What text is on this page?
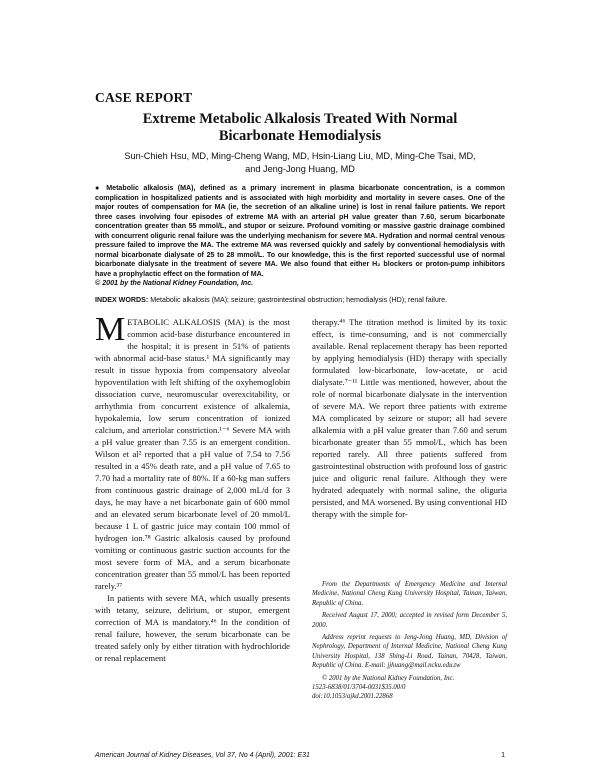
CASE REPORT
Extreme Metabolic Alkalosis Treated With Normal
Bicarbonate Hemodialysis
Sun-Chieh Hsu, MD, Ming-Cheng Wang, MD, Hsin-Liang Liu, MD, Ming-Che Tsai, MD,
and Jeng-Jong Huang, MD
● Metabolic alkalosis (MA), defined as a primary increment in plasma bicarbonate concentration, is a common complication in hospitalized patients and is associated with high morbidity and mortality in severe cases. One of the major routes of compensation for MA (ie, the secretion of an alkaline urine) is lost in renal failure patients. We report three cases involving four episodes of extreme MA with an arterial pH value greater than 7.60, serum bicarbonate concentration greater than 55 mmol/L, and stupor or seizure. Profound vomiting or massive gastric drainage combined with concurrent oliguric renal failure was the underlying mechanism for severe MA. Hydration and normal central venous pressure failed to improve the MA. The extreme MA was reversed quickly and safely by conventional hemodialysis with normal bicarbonate dialysate of 25 to 28 mmol/L. To our knowledge, this is the first reported successful use of normal bicarbonate dialysate in the treatment of severe MA. We also found that either H₂ blockers or proton-pump inhibitors have a prophylactic effect on the formation of MA.
© 2001 by the National Kidney Foundation, Inc.
INDEX WORDS: Metabolic alkalosis (MA); seizure; gastrointestinal obstruction; hemodialysis (HD); renal failure.

METABOLIC ALKALOSIS (MA) is the most common acid-base disturbance encountered in the hospital; it is present in 51% of patients with abnormal acid-base status.¹ MA significantly may result in tissue hypoxia from compensatory alveolar hypoventilation with left shifting of the oxyhemoglobin dissociation curve, neuromuscular overexcitability, or arrhythmia from concurrent existence of alkalemia, hypokalemia, low serum concentration of ionized calcium, and arteriolar constriction.¹⁻⁶ Severe MA with a pH value greater than 7.55 is an emergent condition. Wilson et al² reported that a pH value of 7.54 to 7.56 resulted in a 45% death rate, and a pH value of 7.65 to 7.70 had a mortality rate of 80%. If a 60-kg man suffers from continuous gastric drainage of 2,000 mL/d for 3 days, he may have a net bicarbonate gain of 600 mmol and an elevated serum bicarbonate level of 20 mmol/L because 1 L of gastric juice may contain 100 mmol of hydrogen ion.⁷⁸ Gastric alkalosis caused by profound vomiting or continuous gastric suction accounts for the most severe form of MA, and a serum bicarbonate concentration greater than 55 mmol/L has been reported rarely.³⁷

In patients with severe MA, which usually presents with tetany, seizure, delirium, or stupor, emergent correction of MA is mandatory.⁴⁶ In the condition of renal failure, however, the serum bicarbonate can be treated safely only by either titration with hydrochloride or renal replacement

therapy.⁴⁶ The titration method is limited by its toxic effect, is time-consuming, and is not commercially available. Renal replacement therapy has been reported by applying hemodialysis (HD) therapy with specially formulated low-bicarbonate, low-acetate, or acid dialysate.⁷⁻¹¹ Little was mentioned, however, about the role of normal bicarbonate dialysate in the intervention of severe MA. We report three patients with extreme MA complicated by seizure or stupor; all had severe alkalemia with a pH value greater than 7.60 and serum bicarbonate greater than 55 mmol/L, which has been reported rarely. All three patients suffered from gastrointestinal obstruction with profound loss of gastric juice and oliguric renal failure. Although they were hydrated adequately with normal saline, the oliguria persisted, and MA worsened. By using conventional HD therapy with the simple for-

From the Departments of Emergency Medicine and Internal Medicine, National Cheng Kung University Hospital, Tainan, Taiwan, Republic of China.

Received August 17, 2000; accepted in revised form December 5, 2000.

Address reprint requests to Jeng-Jong Huang, MD, Division of Nephrology, Department of Internal Medicine, National Cheng Kung University Hospital, 138 Shing-Li Road, Tainan, 70428, Taiwan, Republic of China. E-mail: jjhuang@mail.ncku.edu.tw

© 2001 by the National Kidney Foundation, Inc.
1523-6838/01/3704-0031$35.00/0
doi:10.1053/ajkd.2001.22868

American Journal of Kidney Diseases, Vol 37, No 4 (April), 2001: E31	1
